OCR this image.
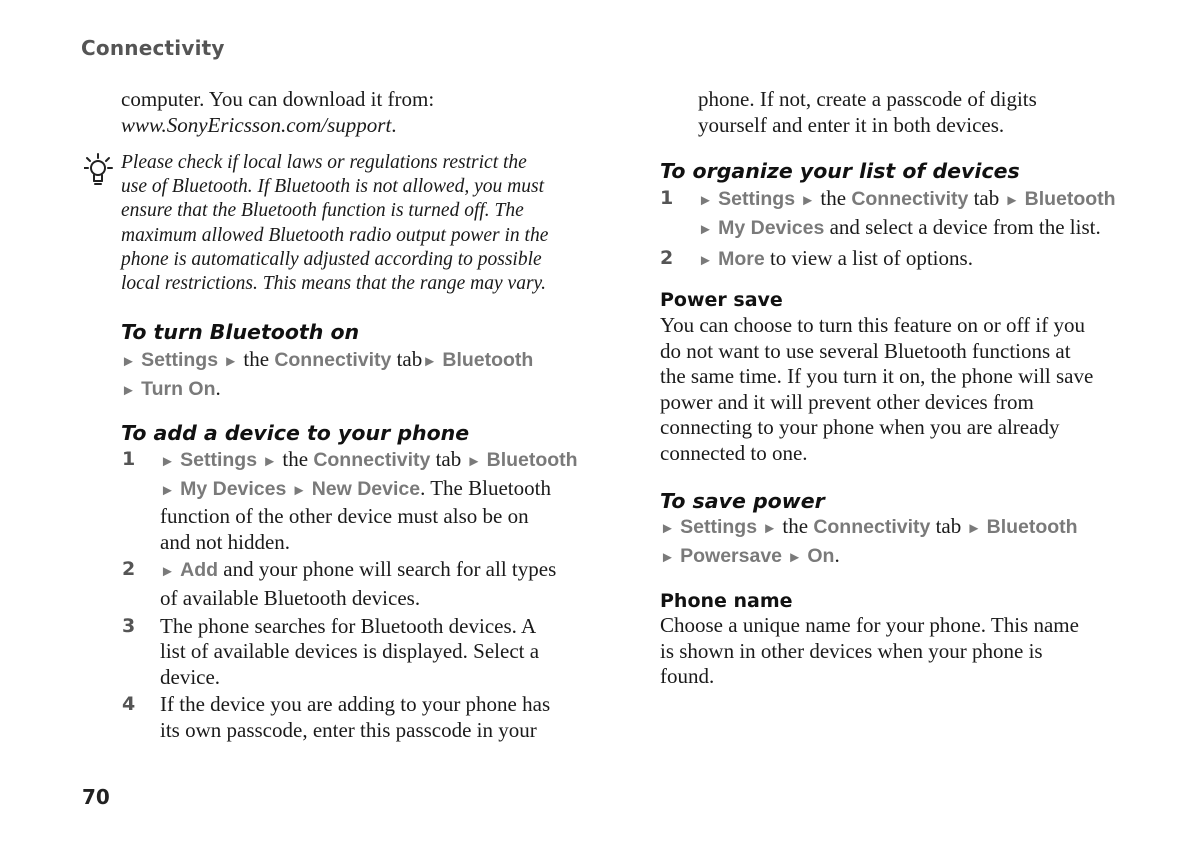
Connectivity
computer. You can download it from:
www.SonyEricsson.com/support.
Please check if local laws or regulations restrict the
use of Bluetooth. If Bluetooth is not allowed, you must
ensure that the Bluetooth function is turned off. The
maximum allowed Bluetooth radio output power in the
phone is automatically adjusted according to possible
local restrictions. This means that the range may vary.
To turn Bluetooth on
► Settings ► the Connectivity tab► Bluetooth
► Turn On.
To add a device to your phone
1 ► Settings ► the Connectivity tab ► Bluetooth
► My Devices ► New Device. The Bluetooth
function of the other device must also be on
and not hidden.
2 ► Add and your phone will search for all types
of available Bluetooth devices.
3 The phone searches for Bluetooth devices. A
list of available devices is displayed. Select a
device.
4 If the device you are adding to your phone has
its own passcode, enter this passcode in your
phone. If not, create a passcode of digits
yourself and enter it in both devices.
To organize your list of devices
1 ► Settings ► the Connectivity tab ► Bluetooth
► My Devices and select a device from the list.
2 ► More to view a list of options.
Power save
You can choose to turn this feature on or off if you
do not want to use several Bluetooth functions at
the same time. If you turn it on, the phone will save
power and it will prevent other devices from
connecting to your phone when you are already
connected to one.
To save power
► Settings ► the Connectivity tab ► Bluetooth
► Powersave ► On.
Phone name
Choose a unique name for your phone. This name
is shown in other devices when your phone is
found.
70
